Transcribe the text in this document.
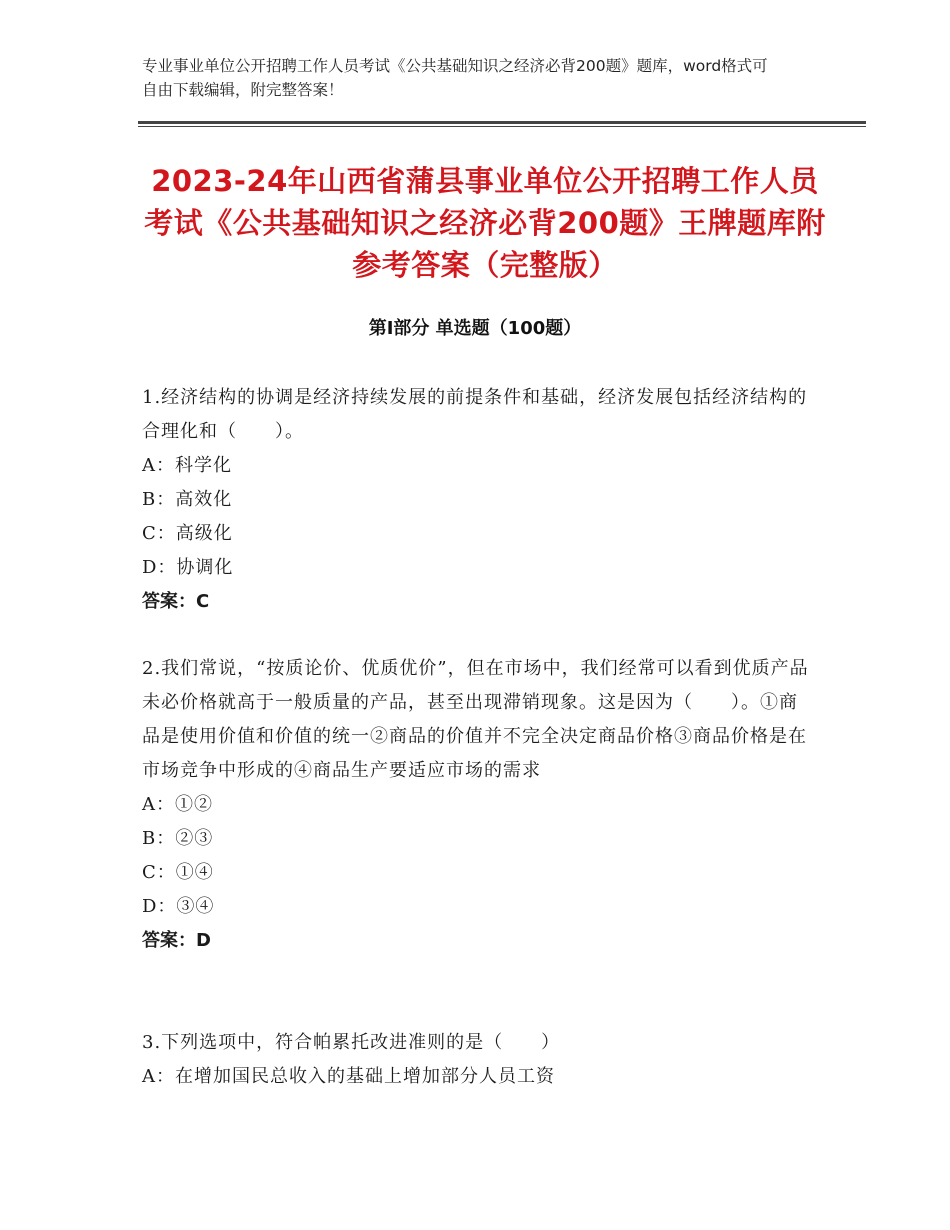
专业事业单位公开招聘工作人员考试《公共基础知识之经济必背200题》题库，word格式可自由下载编辑，附完整答案！
2023-24年山西省蒲县事业单位公开招聘工作人员考试《公共基础知识之经济必背200题》王牌题库附参考答案（完整版）
第Ⅰ部分 单选题（100题）
1.经济结构的协调是经济持续发展的前提条件和基础，经济发展包括经济结构的合理化和（　　）。
A：科学化
B：高效化
C：高级化
D：协调化
答案：C
2.我们常说，“按质论价、优质优价”，但在市场中，我们经常可以看到优质产品未必价格就高于一般质量的产品，甚至出现滞销现象。这是因为（　　）。①商品是使用价值和价值的统一②商品的价值并不完全决定商品价格③商品价格是在市场竞争中形成的④商品生产要适应市场的需求
A：①②
B：②③
C：①④
D：③④
答案：D
3.下列选项中，符合帕累托改进准则的是（　　）
A：在增加国民总收入的基础上增加部分人员工资
